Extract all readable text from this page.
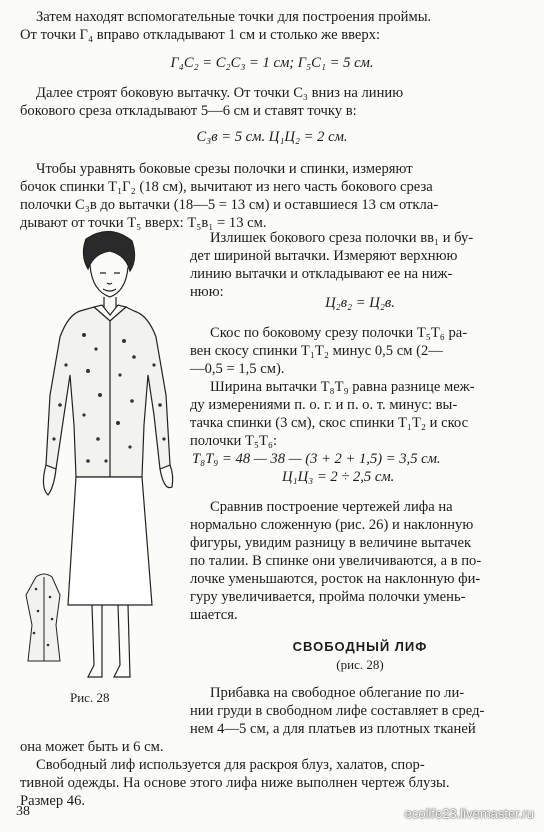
Затем находят вспомогательные точки для построения проймы.
От точки Г₄ вправо откладывают 1 см и столько же вверх:
Г₄С₂ = С₂С₃ = 1 см; Г₅С₁ = 5 см.
Далее строят боковую вытачку. От точки С₃ вниз на линию
бокового среза откладывают 5—6 см и ставят точку в:
С₃в = 5 см. Ц₁Ц₂ = 2 см.
Чтобы уравнять боковые срезы полочки и спинки, измеряют
бочок спинки Т₁Г₂ (18 см), вычитают из него часть бокового среза
полочки С₃в до вытачки (18—5 = 13 см) и оставшиеся 13 см откла-
дывают от точки Т₅ вверх: Т₅в₁ = 13 см.
Излишек бокового среза полочки вв₁ и бу-
дет шириной вытачки. Измеряют верхнюю
линию вытачки и откладывают ее на ниж-
нюю:
Ц₂в₂ = Ц₂в.
Скос по боковому срезу полочки Т₅Т₆ ра-
вен скосу спинки Т₁Т₂ минус 0,5 см (2—
—0,5 = 1,5 см).
Ширина вытачки Т₈Т₉ равна разнице меж-
ду измерениями п. о. г. и п. о. т. минус: вы-
тачка спинки (3 см), скос спинки Т₁Т₂ и скос
полочки Т₅Т₆:
Т₈Т₉ = 48 — 38 — (3 + 2 + 1,5) = 3,5 см.
Ц₁Ц₃ = 2 ÷ 2,5 см.
Сравнив построение чертежей лифа на
нормально сложенную (рис. 26) и наклонную
фигуры, увидим разницу в величине вытачек
по талии. В спинке они увеличиваются, а в по-
лочке уменьшаются, росток на наклонную фи-
гуру увеличивается, пройма полочки умень-
шается.
СВОБОДНЫЙ ЛИФ
(рис. 28)
Прибавка на свободное облегание по ли-
нии груди в свободном лифе составляет в сред-
нем 4—5 см, а для платьев из плотных тканей
она может быть и 6 см.
Свободный лиф используется для раскроя блуз, халатов, спор-
тивной одежды. На основе этого лифа ниже выполнен чертеж блузы.
Размер 46.
Рис. 28
38	ecolife23.livemaster.ru
